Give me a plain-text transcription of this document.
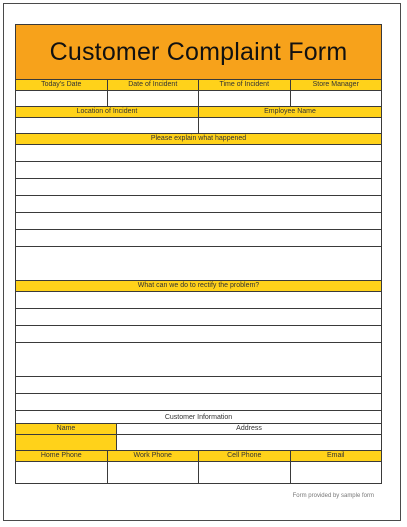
Customer Complaint Form
Today's Date	Date of Incident	Time of Incident	Store Manager
Location of Incident	Employee Name
Please explain what happened
What can we do to rectify the problem?
Customer Information
Name	Address
Home Phone	Work Phone	Cell Phone	Email
Form provided by sample form
